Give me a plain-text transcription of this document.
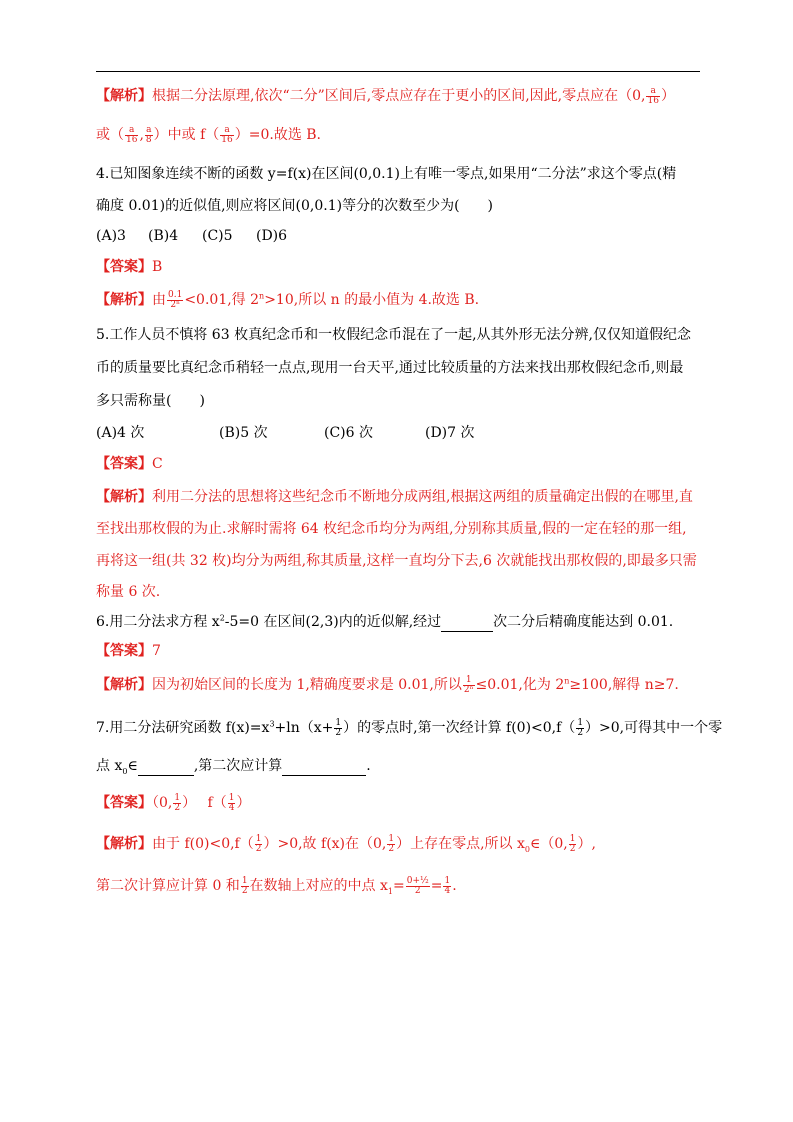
【解析】根据二分法原理,依次“二分”区间后,零点应存在于更小的区间,因此,零点应在（0, $\frac{a}{16}$ ）
或（ $\frac{a}{16}$ , $\frac{a}{8}$ ）中或 $f( \frac{a}{16} )=0$.故选 B.
4.已知图象连续不断的函数 y=f(x)在区间(0,0.1)上有唯一零点,如果用“二分法”求这个零点(精
确度 0.01)的近似值,则应将区间(0,0.1)等分的次数至少为(　　)
(A)3 (B)4 (C)5 (D)6
【答案】B
【解析】由 $\frac{0.1}{\text{2ⁿ}} <0.01$,得 $2^n>10$,所以 n 的最小值为 4.故选 B.
5.工作人员不慎将 63 枚真纪念币和一枚假纪念币混在了一起,从其外形无法分辨,仅仅知道假纪念
币的质量要比真纪念币稍轻一点点,现用一台天平,通过比较质量的方法来找出那枚假纪念币,则最
多只需称量(　　)
(A)4 次	(B)5 次	(C)6 次	(D)7 次
【答案】C
【解析】利用二分法的思想将这些纪念币不断地分成两组,根据这两组的质量确定出假的在哪里,直
至找出那枚假的为止.求解时需将 64 枚纪念币均分为两组,分别称其质量,假的一定在轻的那一组,
再将这一组(共 32 枚)均分为两组,称其质量,这样一直均分下去,6 次就能找出那枚假的,即最多只需
称量 6 次.
6.用二分法求方程 $x^2-5=0$ 在区间(2,3)内的近似解,经过	次二分后精确度能达到 0.01.
【答案】7
【解析】因为初始区间的长度为 1,精确度要求是 0.01,所以 $\frac{1}{\text{2ⁿ}} \le 0.01$,化为 $2^n\ge 100$,解得 n≥7.
7.用二分法研究函数 $f(x)=x^3+\ln(x+ \frac{1}{2}$ ）的零点时,第一次经计算 $f(0)<0,f( \frac{1}{2} )>0$,可得其中一个零
点 $x_0\in$	,第二次应计算	.
【答案】（0, $\frac{1}{2}$ ）　 $f( \frac{1}{4}$ ）
【解析】由于 $f(0)<0,f( \frac{1}{2} )>0$,故 f(x)在（0, $\frac{1}{2}$ ）上存在零点,所以 $x_0\in(0$, $\frac{1}{2}$ ）,
第二次计算应计算 0 和 $\frac{1}{2}$ 在数轴上对应的中点 $x_1= \frac{\text{0+½}}{2} = \frac{1}{4}$ .
